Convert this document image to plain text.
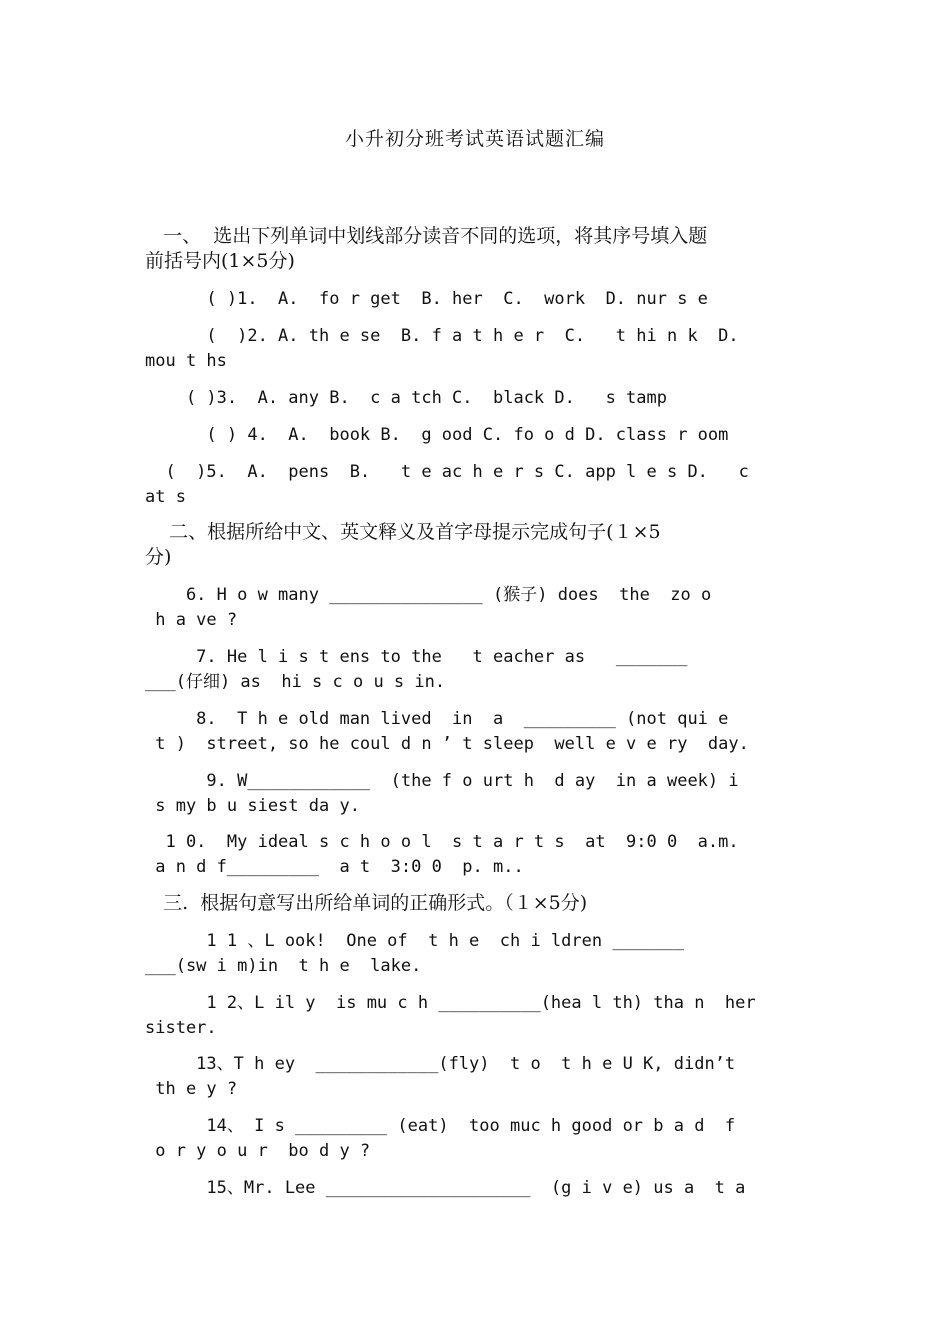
小升初分班考试英语试题汇编
一、  选出下列单词中划线部分读音不同的选项，将其序号填入题
前括号内(1×5分)
( )1.  A.  fo r get  B. her  C.  work  D. nur s e
(  )2. A. th e se  B. f a t h e r  C.   t hi n k  D.
mou t hs
( )3.  A. any B.  c a tch C.  black D.   s tamp
( ) 4.  A.  book B.  g ood C. fo o d D. class r oom
(  )5.  A.  pens  B.   t e ac h e r s C. app l e s D.   c
at s
二、根据所给中文、英文释义及首字母提示完成句子(１×5
分)
6. H o w many _______________ (猴子) does  the  zo o
h a ve ?
7. He l i s t ens to the   t eacher as   _______
___(仔细) as  hi s c o u s in.
8.  T h e old man lived  in  a  _________ (not qui e
t )  street, so he coul d n ’ t sleep  well e v e ry  day.
9. W____________  (the f o urt h  d ay  in a week) i
s my b u siest da y.
1 0.  My ideal s c h o o l  s t a r t s  at  9:0 0  a.m.
a n d f_________  a t  3:0 0  p. m..
三.  根据句意写出所给单词的正确形式。（１×5分)
1 1 、L ook!  One of  t h e  ch i ldren _______
___(sw i m)in  t h e  lake.
1 2、L il y  is mu c h __________(hea l th) tha n  her
sister.
13、T h ey  ____________(fly)  t o  t h e U K, didn’t
th e y ?
14、 I s _________ (eat)  too muc h good or b a d  f
o r y o u r  bo d y ?
15、Mr. Lee ____________________  (g i v e) us a  t a
